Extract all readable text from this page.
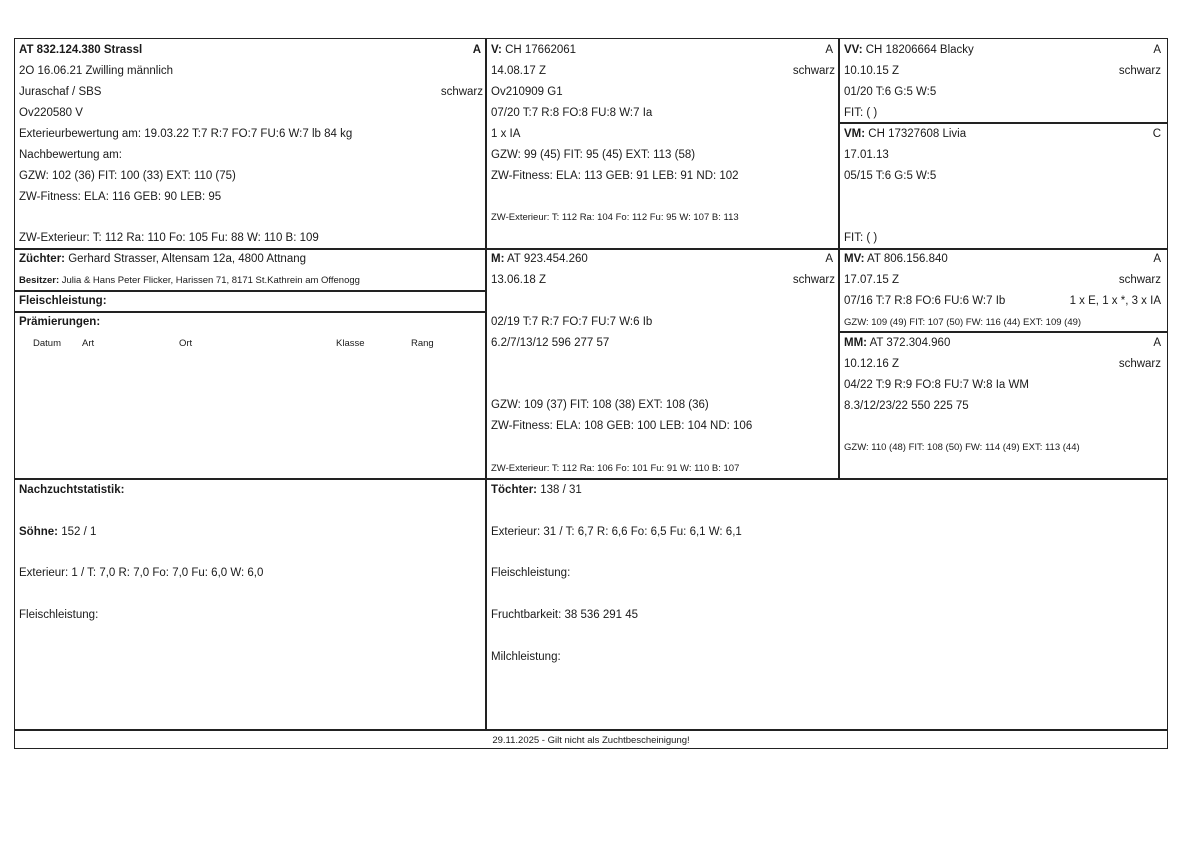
AT 832.124.380 Strassl	A
2O 16.06.21 Zwilling männlich
Juraschaf / SBS	schwarz
Ov220580 V
Exterieurbewertung am: 19.03.22 T:7 R:7 FO:7 FU:6 W:7 lb 84 kg
Nachbewertung am:
GZW: 102 (36) FIT: 100 (33) EXT: 110 (75)
ZW-Fitness: ELA: 116 GEB: 90 LEB: 95
ZW-Exterieur: T: 112 Ra: 110 Fo: 105 Fu: 88 W: 110 B: 109
Züchter: Gerhard Strasser, Altensam 12a, 4800 Attnang
Besitzer: Julia & Hans Peter Flicker, Harissen 71, 8171 St.Kathrein am Offenogg
Fleischleistung:
Prämierungen:
Datum Art	Ort	Klasse	Rang
V: CH 17662061	A
14.08.17 Z	schwarz
Ov210909 G1
07/20 T:7 R:8 FO:8 FU:8 W:7 Ia
1 x IA
GZW: 99 (45) FIT: 95 (45) EXT: 113 (58)
ZW-Fitness: ELA: 113 GEB: 91 LEB: 91 ND: 102
ZW-Exterieur: T: 112 Ra: 104 Fo: 112 Fu: 95 W: 107 B: 113
M: AT 923.454.260	A
13.06.18 Z	schwarz
02/19 T:7 R:7 FO:7 FU:7 W:6 Ib
6.2/7/13/12 596 277 57
GZW: 109 (37) FIT: 108 (38) EXT: 108 (36)
ZW-Fitness: ELA: 108 GEB: 100 LEB: 104 ND: 106
ZW-Exterieur: T: 112 Ra: 106 Fo: 101 Fu: 91 W: 110 B: 107
VV: CH 18206664 Blacky	A
10.10.15 Z	schwarz
01/20 T:6 G:5 W:5
FIT: ( )
VM: CH 17327608 Livia	C
17.01.13
05/15 T:6 G:5 W:5
FIT: ( )
MV: AT 806.156.840	A
17.07.15 Z	schwarz
07/16 T:7 R:8 FO:6 FU:6 W:7 Ib	1 x E, 1 x *, 3 x IA
GZW: 109 (49) FIT: 107 (50) FW: 116 (44) EXT: 109 (49)
MM: AT 372.304.960	A
10.12.16 Z	schwarz
04/22 T:9 R:9 FO:8 FU:7 W:8 Ia WM
8.3/12/23/22 550 225 75
GZW: 110 (48) FIT: 108 (50) FW: 114 (49) EXT: 113 (44)
Nachzuchtstatistik:
Söhne: 152 / 1
Exterieur: 1 / T: 7,0 R: 7,0 Fo: 7,0 Fu: 6,0 W: 6,0
Fleischleistung:
Töchter: 138 / 31
Exterieur: 31 / T: 6,7 R: 6,6 Fo: 6,5 Fu: 6,1 W: 6,1
Fleischleistung:
Fruchtbarkeit: 38 536 291 45
Milchleistung:
29.11.2025 - Gilt nicht als Zuchtbescheinigung!
